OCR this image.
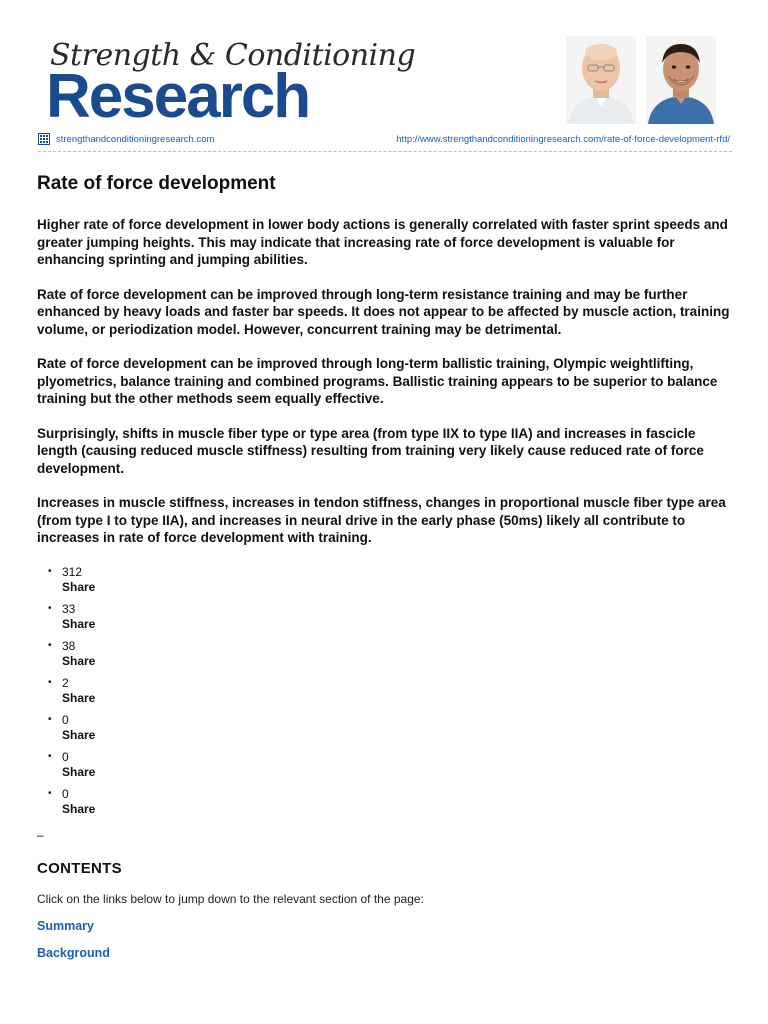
Strength & Conditioning
Research
strengthandconditioningresearch.com	http://www.strengthandconditioningresearch.com/rate-of-force-development-rfd/
Rate of force development

Higher rate of force development in lower body actions is generally correlated with faster sprint speeds and greater jumping heights. This may indicate that increasing rate of force development is valuable for enhancing sprinting and jumping abilities.

Rate of force development can be improved through long-term resistance training and may be further enhanced by heavy loads and faster bar speeds. It does not appear to be affected by muscle action, training volume, or periodization model. However, concurrent training may be detrimental.

Rate of force development can be improved through long-term ballistic training, Olympic weightlifting, plyometrics, balance training and combined programs. Ballistic training appears to be superior to balance training but the other methods seem equally effective.

Surprisingly, shifts in muscle fiber type or type area (from type IIX to type IIA) and increases in fascicle length (causing reduced muscle stiffness) resulting from training very likely cause reduced rate of force development.

Increases in muscle stiffness, increases in tendon stiffness, changes in proportional muscle fiber type area (from type I to type IIA), and increases in neural drive in the early phase (50ms) likely all contribute to increases in rate of force development with training.

• 312
Share
• 33
Share
• 38
Share
• 2
Share
• 0
Share
• 0
Share
• 0
Share
–
CONTENTS
Click on the links below to jump down to the relevant section of the page:
Summary
Background
